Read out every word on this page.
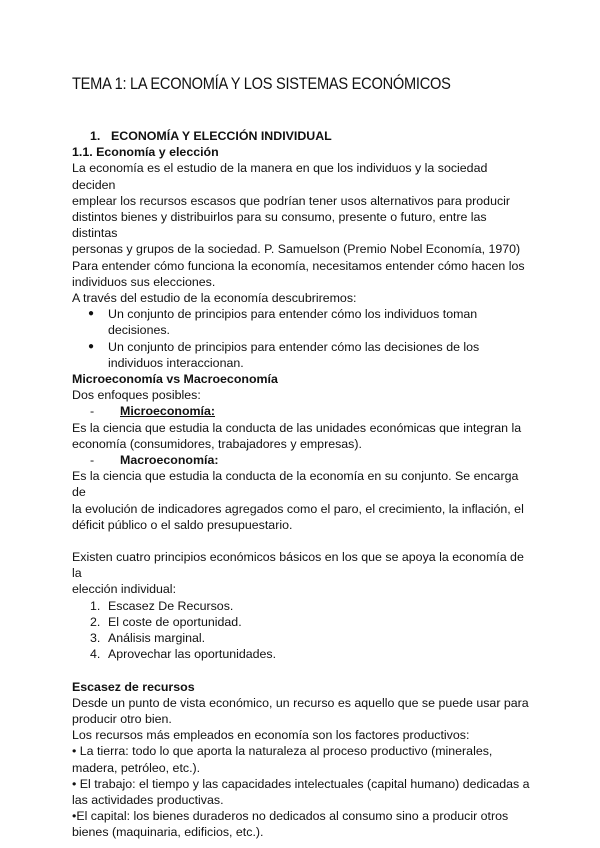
TEMA 1: LA ECONOMÍA Y LOS SISTEMAS ECONÓMICOS

1. ECONOMÍA Y ELECCIÓN INDIVIDUAL

1.1. Economía y elección

La economía es el estudio de la manera en que los individuos y la sociedad deciden

emplear los recursos escasos que podrían tener usos alternativos para producir

distintos bienes y distribuirlos para su consumo, presente o futuro, entre las distintas

personas y grupos de la sociedad. P. Samuelson (Premio Nobel Economía, 1970)

Para entender cómo funciona la economía, necesitamos entender cómo hacen los

individuos sus elecciones.

A través del estudio de la economía descubriremos:

● Un conjunto de principios para entender cómo los individuos toman
decisiones.
● Un conjunto de principios para entender cómo las decisiones de los
individuos interaccionan.

Microeconomía vs Macroeconomía

Dos enfoques posibles:

- Microeconomía:

Es la ciencia que estudia la conducta de las unidades económicas que integran la

economía (consumidores, trabajadores y empresas).

- Macroeconomía:

Es la ciencia que estudia la conducta de la economía en su conjunto. Se encarga de

la evolución de indicadores agregados como el paro, el crecimiento, la inflación, el

déficit público o el saldo presupuestario.

Existen cuatro principios económicos básicos en los que se apoya la economía de la

elección individual:

1. Escasez De Recursos.
2. El coste de oportunidad.
3. Análisis marginal.
4. Aprovechar las oportunidades.

Escasez de recursos

Desde un punto de vista económico, un recurso es aquello que se puede usar para

producir otro bien.

Los recursos más empleados en economía son los factores productivos:

• La tierra: todo lo que aporta la naturaleza al proceso productivo (minerales,

madera, petróleo, etc.).

• El trabajo: el tiempo y las capacidades intelectuales (capital humano) dedicadas a

las actividades productivas.

•El capital: los bienes duraderos no dedicados al consumo sino a producir otros

bienes (maquinaria, edificios, etc.).
